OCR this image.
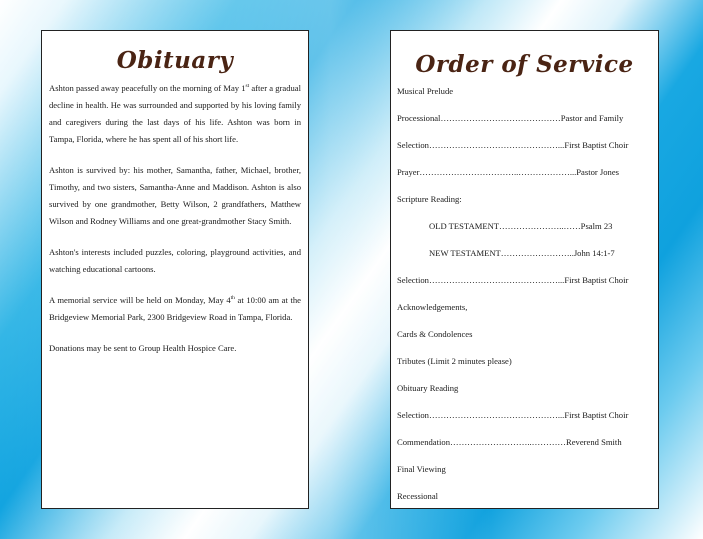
Obituary

Ashton passed away peacefully on the morning of May 1st after a gradual decline in health. He was surrounded and supported by his loving family and caregivers during the last days of his life. Ashton was born in Tampa, Florida, where he has spent all of his short life.

Ashton is survived by: his mother, Samantha, father, Michael, brother, Timothy, and two sisters, Samantha-Anne and Maddison. Ashton is also survived by one grandmother, Betty Wilson, 2 grandfathers, Matthew Wilson and Rodney Williams and one great-grandmother Stacy Smith.

Ashton's interests included puzzles, coloring, playground activities, and watching educational cartoons.

A memorial service will be held on Monday, May 4th at 10:00 am at the Bridgeview Memorial Park, 2300 Bridgeview Road in Tampa, Florida.

Donations may be sent to Group Health Hospice Care.

Order of Service
Musical Prelude
Processional……………………………………Pastor and Family
Selection………………………………………...First Baptist Choir
Prayer……………………………..………………...Pastor Jones
Scripture Reading:
OLD TESTAMENT…………………..……Psalm 23
NEW TESTAMENT……………………..John 14:1-7
Selection………………………………………...First Baptist Choir
Acknowledgements,
Cards & Condolences
Tributes (Limit 2 minutes please)
Obituary Reading
Selection………………………………………...First Baptist Choir
Commendation………………………..…………Reverend Smith
Final Viewing
Recessional
